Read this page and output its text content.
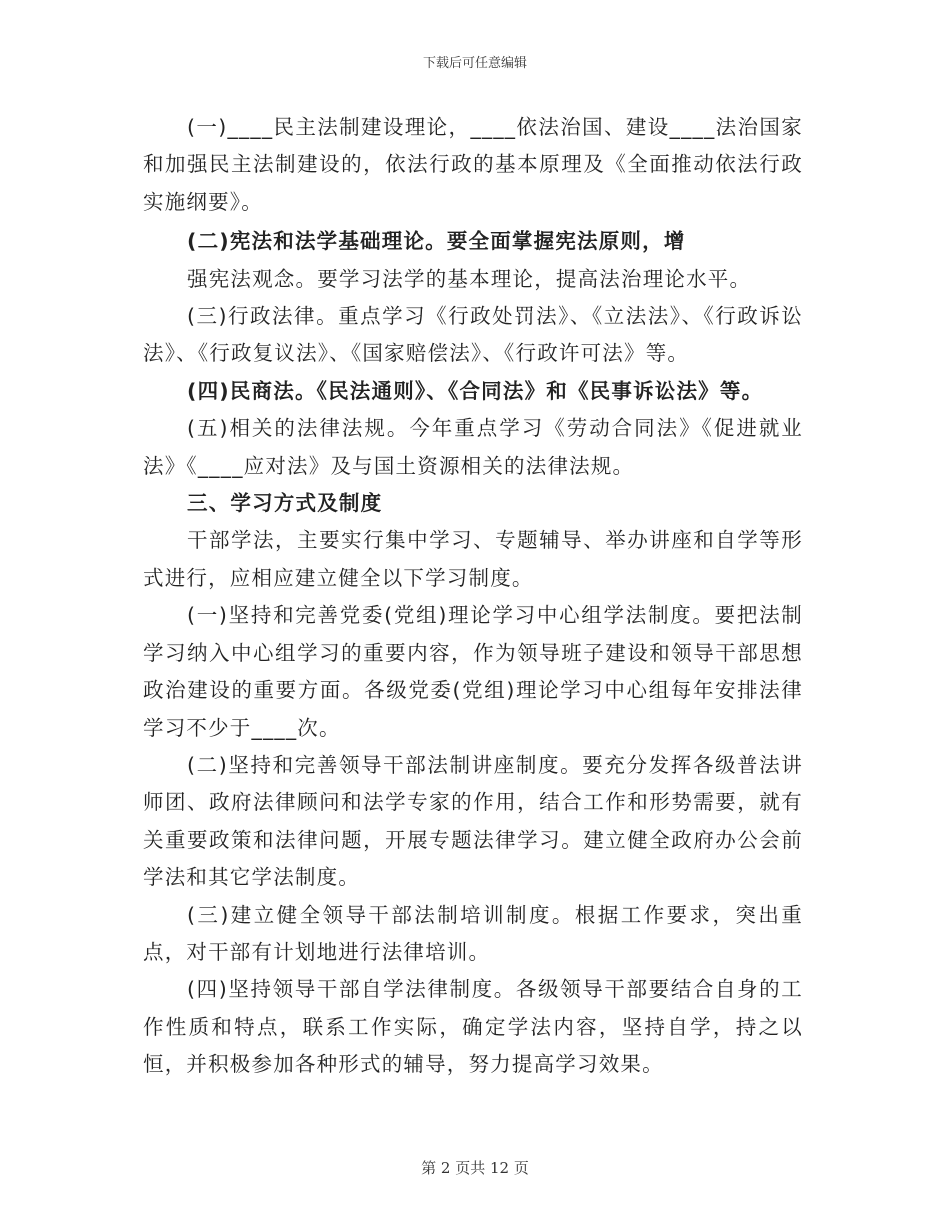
下载后可任意编辑

(一)____民主法制建设理论，____依法治国、建设____法治国家和加强民主法制建设的，依法行政的基本原理及《全面推动依法行政实施纲要》。

(二)宪法和法学基础理论。要全面掌握宪法原则，增

强宪法观念。要学习法学的基本理论，提高法治理论水平。

(三)行政法律。重点学习《行政处罚法》、《立法法》、《行政诉讼法》、《行政复议法》、《国家赔偿法》、《行政许可法》等。

(四)民商法。《民法通则》、《合同法》和《民事诉讼法》等。

(五)相关的法律法规。今年重点学习《劳动合同法》《促进就业法》《____应对法》及与国土资源相关的法律法规。

三、学习方式及制度

干部学法，主要实行集中学习、专题辅导、举办讲座和自学等形式进行，应相应建立健全以下学习制度。

(一)坚持和完善党委(党组)理论学习中心组学法制度。要把法制学习纳入中心组学习的重要内容，作为领导班子建设和领导干部思想政治建设的重要方面。各级党委(党组)理论学习中心组每年安排法律学习不少于____次。

(二)坚持和完善领导干部法制讲座制度。要充分发挥各级普法讲师团、政府法律顾问和法学专家的作用，结合工作和形势需要，就有关重要政策和法律问题，开展专题法律学习。建立健全政府办公会前学法和其它学法制度。

(三)建立健全领导干部法制培训制度。根据工作要求，突出重点，对干部有计划地进行法律培训。

(四)坚持领导干部自学法律制度。各级领导干部要结合自身的工作性质和特点，联系工作实际，确定学法内容，坚持自学，持之以恒，并积极参加各种形式的辅导，努力提高学习效果。

第 2 页共 12 页
